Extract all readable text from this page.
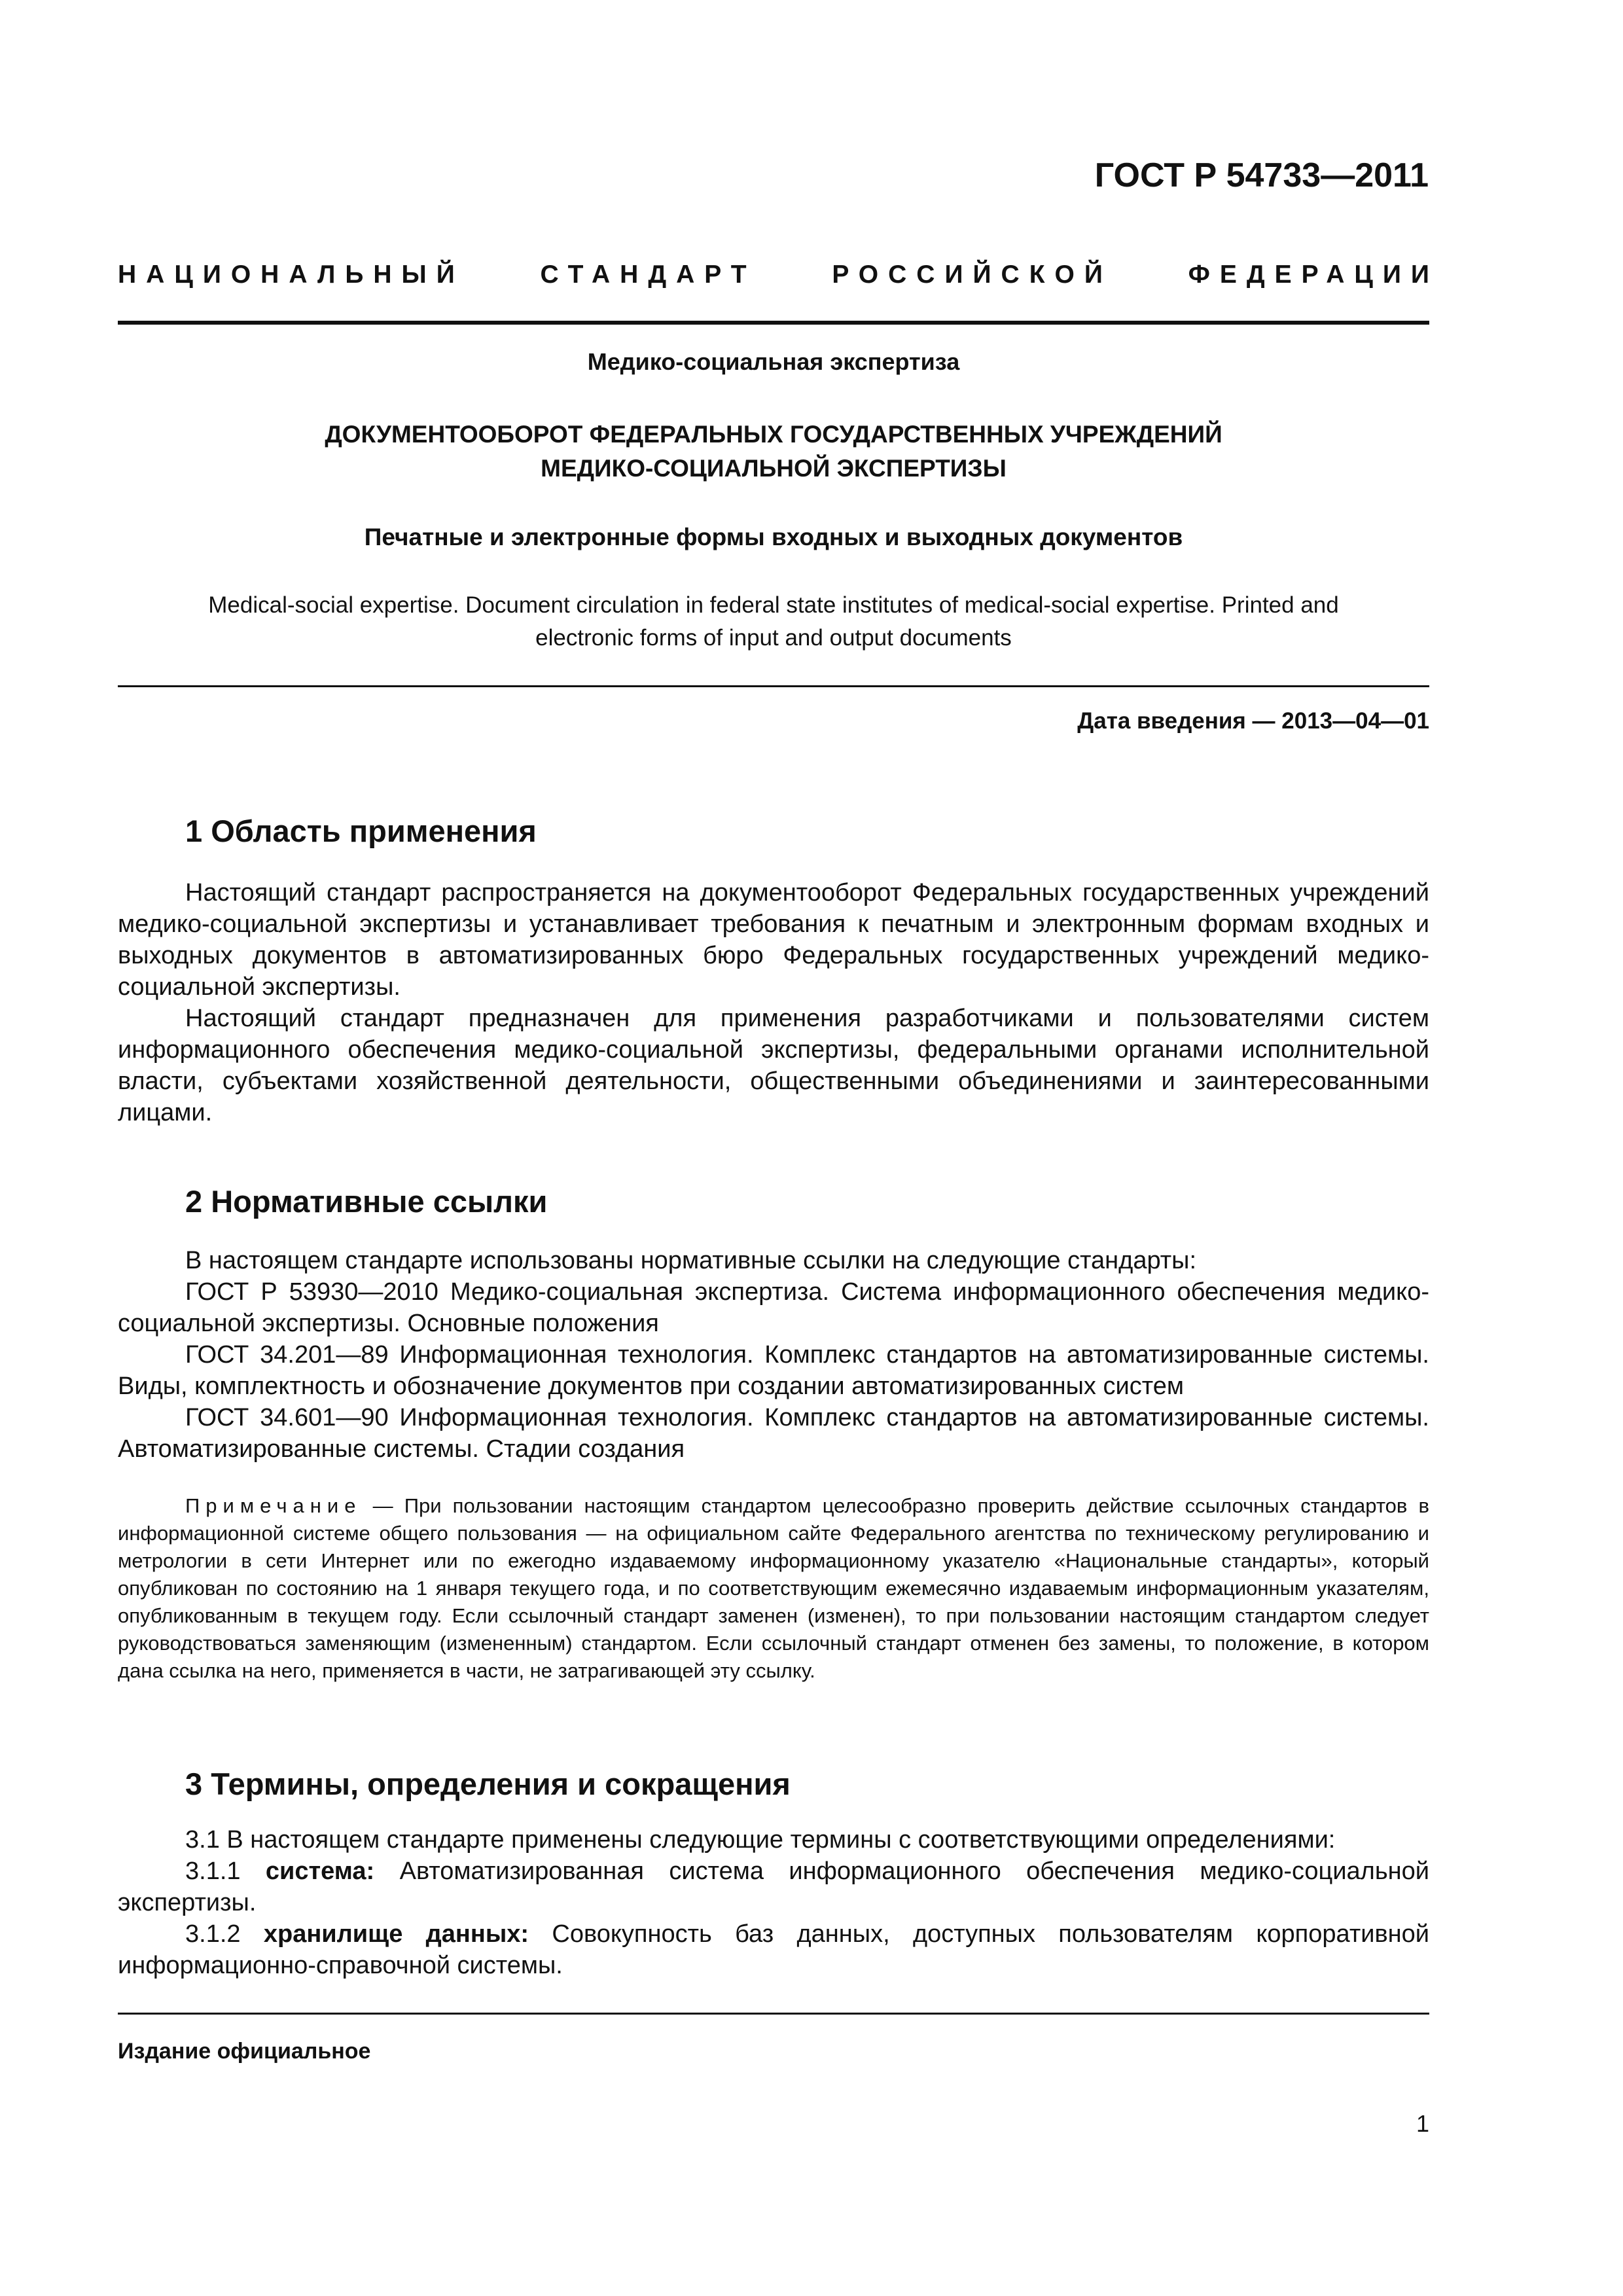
ГОСТ Р 54733—2011

НАЦИОНАЛЬНЫЙ	СТАНДАРТ	РОССИЙСКОЙ	ФЕДЕРАЦИИ

Медико-социальная экспертиза

ДОКУМЕНТООБОРОТ ФЕДЕРАЛЬНЫХ ГОСУДАРСТВЕННЫХ УЧРЕЖДЕНИЙ
МЕДИКО-СОЦИАЛЬНОЙ ЭКСПЕРТИЗЫ

Печатные и электронные формы входных и выходных документов

Medical-social expertise. Document circulation in federal state institutes of medical-social expertise. Printed and
electronic forms of input and output documents

Дата введения — 2013—04—01

1 Область применения

Настоящий стандарт распространяется на документооборот Федеральных государственных учреждений медико-социальной экспертизы и устанавливает требования к печатным и электронным формам входных и выходных документов в автоматизированных бюро Федеральных государственных учреждений медико-социальной экспертизы.

Настоящий стандарт предназначен для применения разработчиками и пользователями систем информационного обеспечения медико-социальной экспертизы, федеральными органами исполнительной власти, субъектами хозяйственной деятельности, общественными объединениями и заинтересованными лицами.

2 Нормативные ссылки

В настоящем стандарте использованы нормативные ссылки на следующие стандарты:

ГОСТ Р 53930—2010 Медико-социальная экспертиза. Система информационного обеспечения медико-социальной экспертизы. Основные положения

ГОСТ 34.201—89 Информационная технология. Комплекс стандартов на автоматизированные системы. Виды, комплектность и обозначение документов при создании автоматизированных систем

ГОСТ 34.601—90 Информационная технология. Комплекс стандартов на автоматизированные системы. Автоматизированные системы. Стадии создания

Примечание — При пользовании настоящим стандартом целесообразно проверить действие ссылочных стандартов в информационной системе общего пользования — на официальном сайте Федерального агентства по техническому регулированию и метрологии в сети Интернет или по ежегодно издаваемому информационному указателю «Национальные стандарты», который опубликован по состоянию на 1 января текущего года, и по соответствующим ежемесячно издаваемым информационным указателям, опубликованным в текущем году. Если ссылочный стандарт заменен (изменен), то при пользовании настоящим стандартом следует руководствоваться заменяющим (измененным) стандартом. Если ссылочный стандарт отменен без замены, то положение, в котором дана ссылка на него, применяется в части, не затрагивающей эту ссылку.

3 Термины, определения и сокращения

3.1 В настоящем стандарте применены следующие термины с соответствующими определениями:

3.1.1 система: Автоматизированная система информационного обеспечения медико-социальной экспертизы.

3.1.2 хранилище данных: Совокупность баз данных, доступных пользователям корпоративной информационно-справочной системы.

Издание официальное

1
